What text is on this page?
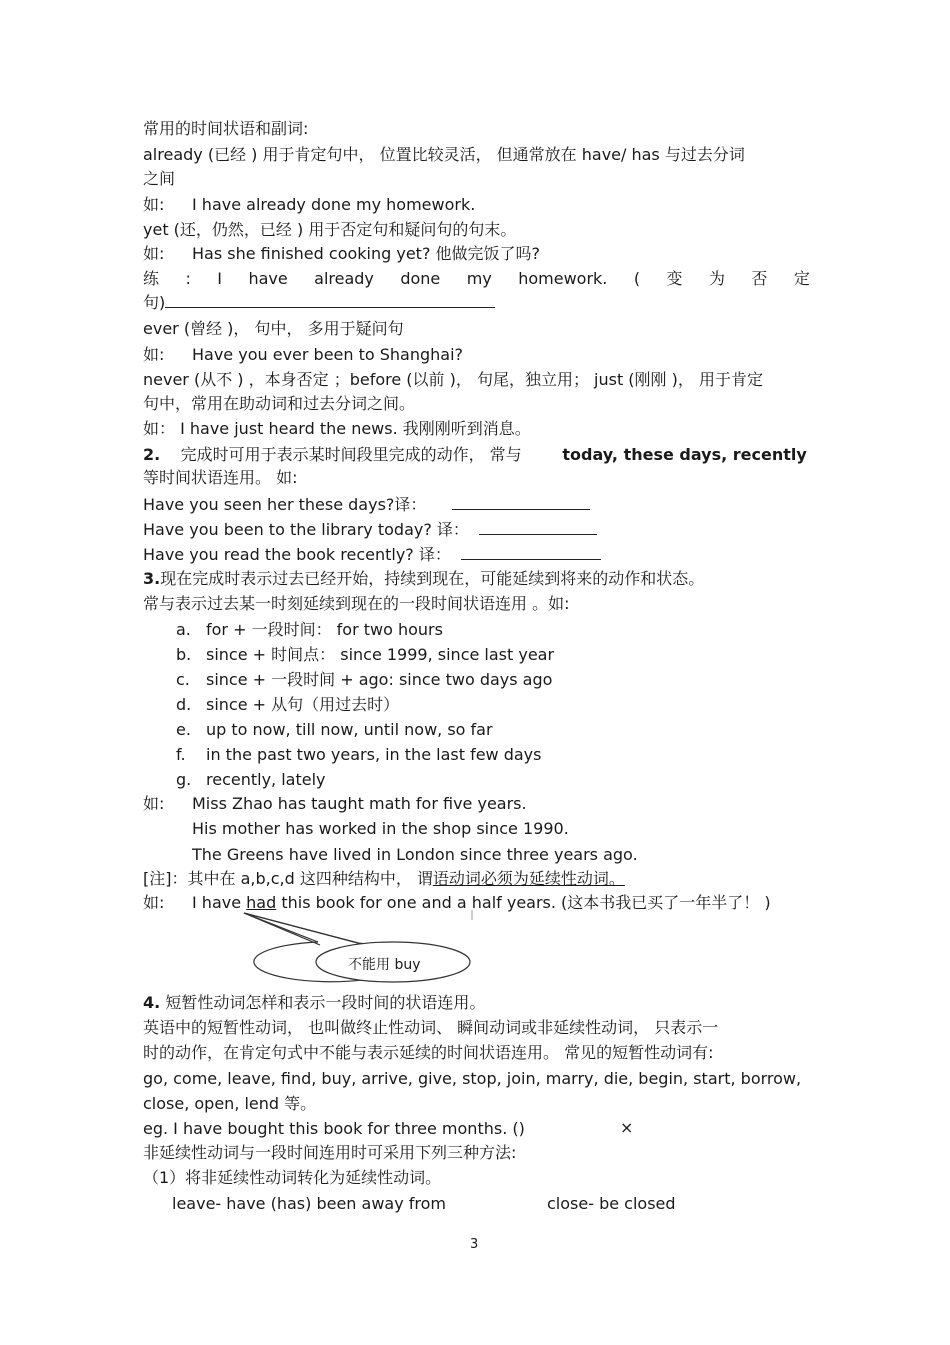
常用的时间状语和副词:
already (已经 ) 用于肯定句中， 位置比较灵活， 但通常放在 have/ has 与过去分词
之间
如: I have already done my homework.
yet (还，仍然，已经 ) 用于否定句和疑问句的句末。
如: Has she finished cooking yet? 他做完饭了吗?
练 : I have already done my homework. ( 变 为 否 定
句)
ever (曾经 )， 句中， 多用于疑问句
如: Have you ever been to Shanghai?
never (从不 ) ，本身否定 ；before (以前 )， 句尾，独立用； just (刚刚 )， 用于肯定
句中，常用在助动词和过去分词之间。
如： I have just heard the news. 我刚刚听到消息。
2. 完成时可用于表示某时间段里完成的动作， 常与	today, these days, recently
等时间状语连用。 如:
Have you seen her these days?译：
Have you been to the library today? 译：
Have you read the book recently? 译：
3.现在完成时表示过去已经开始，持续到现在，可能延续到将来的动作和状态。
常与表示过去某一时刻延续到现在的一段时间状语连用 。如:
a. for + 一段时间： for two hours
b. since + 时间点： since 1999, since last year
c. since + 一段时间 + ago: since two days ago
d. since + 从句（用过去时）
e. up to now, till now, until now, so far
f. in the past two years, in the last few days
g. recently, lately
如: Miss Zhao has taught math for five years.
His mother has worked in the shop since 1990.
The Greens have lived in London since three years ago.
[注]：其中在 a,b,c,d 这四种结构中， 谓语动词必须为延续性动词。
如: I have had this book for one and a half years. (这本书我已买了一年半了！ )
不能用 buy
4. 短暂性动词怎样和表示一段时间的状语连用。
英语中的短暂性动词， 也叫做终止性动词、 瞬间动词或非延续性动词， 只表示一
时的动作，在肯定句式中不能与表示延续的时间状语连用。 常见的短暂性动词有:
go, come, leave, find, buy, arrive, give, stop, join, marry, die, begin, start, borrow,
close, open, lend 等。
eg. I have bought this book for three months. ()	×
非延续性动词与一段时间连用时可采用下列三种方法:
（1）将非延续性动词转化为延续性动词。
leave- have (has) been away from	close- be closed
3
